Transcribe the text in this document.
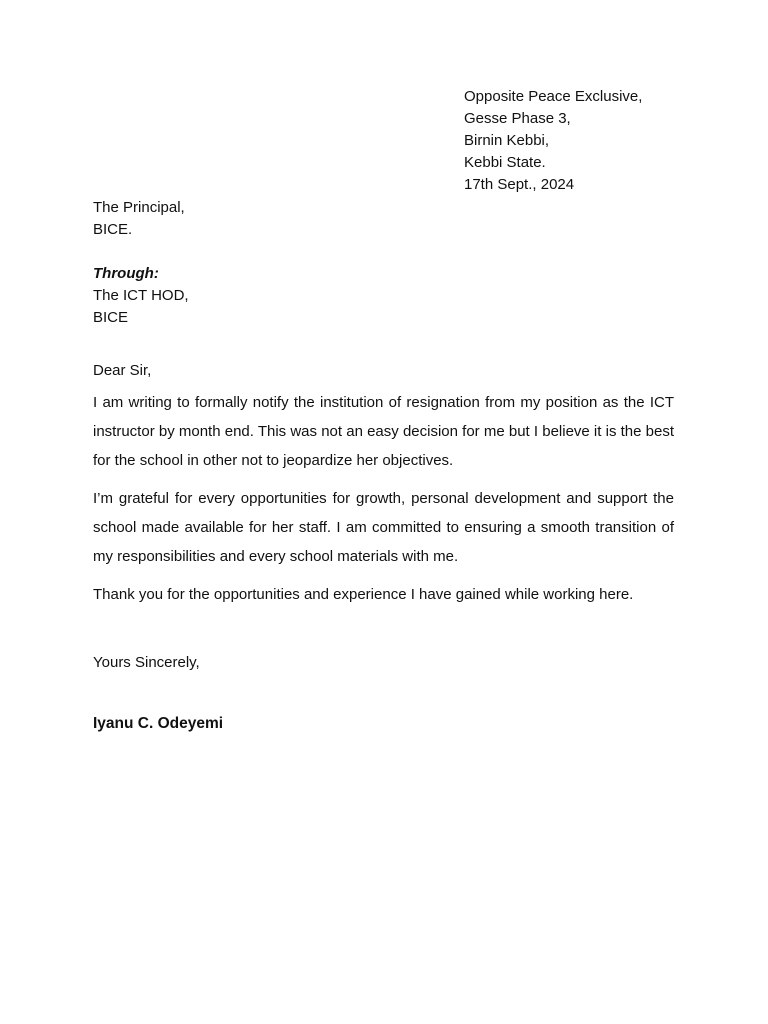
Opposite Peace Exclusive,
Gesse Phase 3,
Birnin Kebbi,
Kebbi State.
17th Sept., 2024
The Principal,
BICE.
Through:
The ICT HOD,
BICE
Dear Sir,

I am writing to formally notify the institution of resignation from my position as the ICT instructor by month end. This was not an easy decision for me but I believe it is the best for the school in other not to jeopardize her objectives.

I’m grateful for every opportunities for growth, personal development and support the school made available for her staff. I am committed to ensuring a smooth transition of my responsibilities and every school materials with me.

Thank you for the opportunities and experience I have gained while working here.

Yours Sincerely,
Iyanu C. Odeyemi
